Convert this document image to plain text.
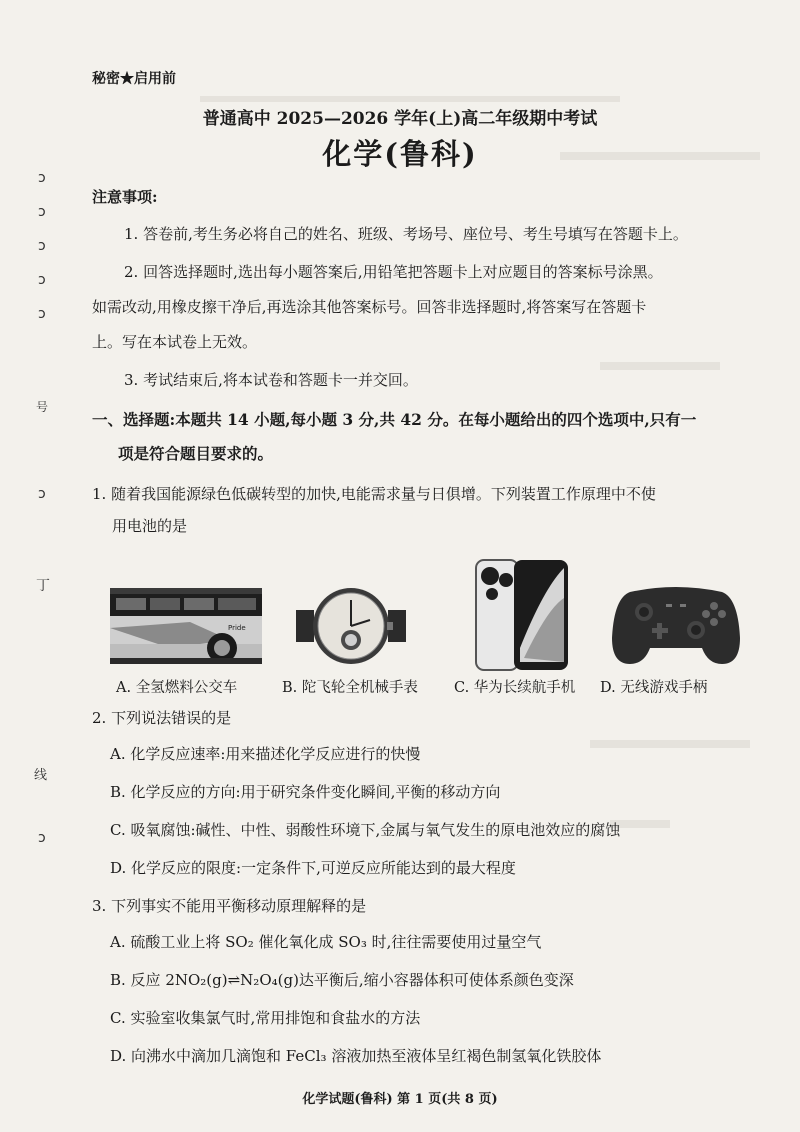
ↄ
ↄ
ↄ
ↄ
ↄ
号
ↄ
丁
线
ↄ
秘密★启用前
普通高中 2025—2026 学年(上)高二年级期中考试
化学(鲁科)
注意事项:
1. 答卷前,考生务必将自己的姓名、班级、考场号、座位号、考生号填写在答题卡上。
2. 回答选择题时,选出每小题答案后,用铅笔把答题卡上对应题目的答案标号涂黑。
如需改动,用橡皮擦干净后,再选涂其他答案标号。回答非选择题时,将答案写在答题卡
上。写在本试卷上无效。
3. 考试结束后,将本试卷和答题卡一并交回。
一、选择题:本题共 14 小题,每小题 3 分,共 42 分。在每小题给出的四个选项中,只有一
项是符合题目要求的。
1. 随着我国能源绿色低碳转型的加快,电能需求量与日俱增。下列装置工作原理中不使
用电池的是
Pride
A. 全氢燃料公交车	B. 陀飞轮全机械手表 C. 华为长续航手机 D. 无线游戏手柄
2. 下列说法错误的是
A. 化学反应速率:用来描述化学反应进行的快慢
B. 化学反应的方向:用于研究条件变化瞬间,平衡的移动方向
C. 吸氧腐蚀:碱性、中性、弱酸性环境下,金属与氧气发生的原电池效应的腐蚀
D. 化学反应的限度:一定条件下,可逆反应所能达到的最大程度
3. 下列事实不能用平衡移动原理解释的是
A. 硫酸工业上将 SO₂ 催化氧化成 SO₃ 时,往往需要使用过量空气
B. 反应 2NO₂(g)⇌N₂O₄(g)达平衡后,缩小容器体积可使体系颜色变深
C. 实验室收集氯气时,常用排饱和食盐水的方法
D. 向沸水中滴加几滴饱和 FeCl₃ 溶液加热至液体呈红褐色制氢氧化铁胶体
化学试题(鲁科) 第 1 页(共 8 页)
